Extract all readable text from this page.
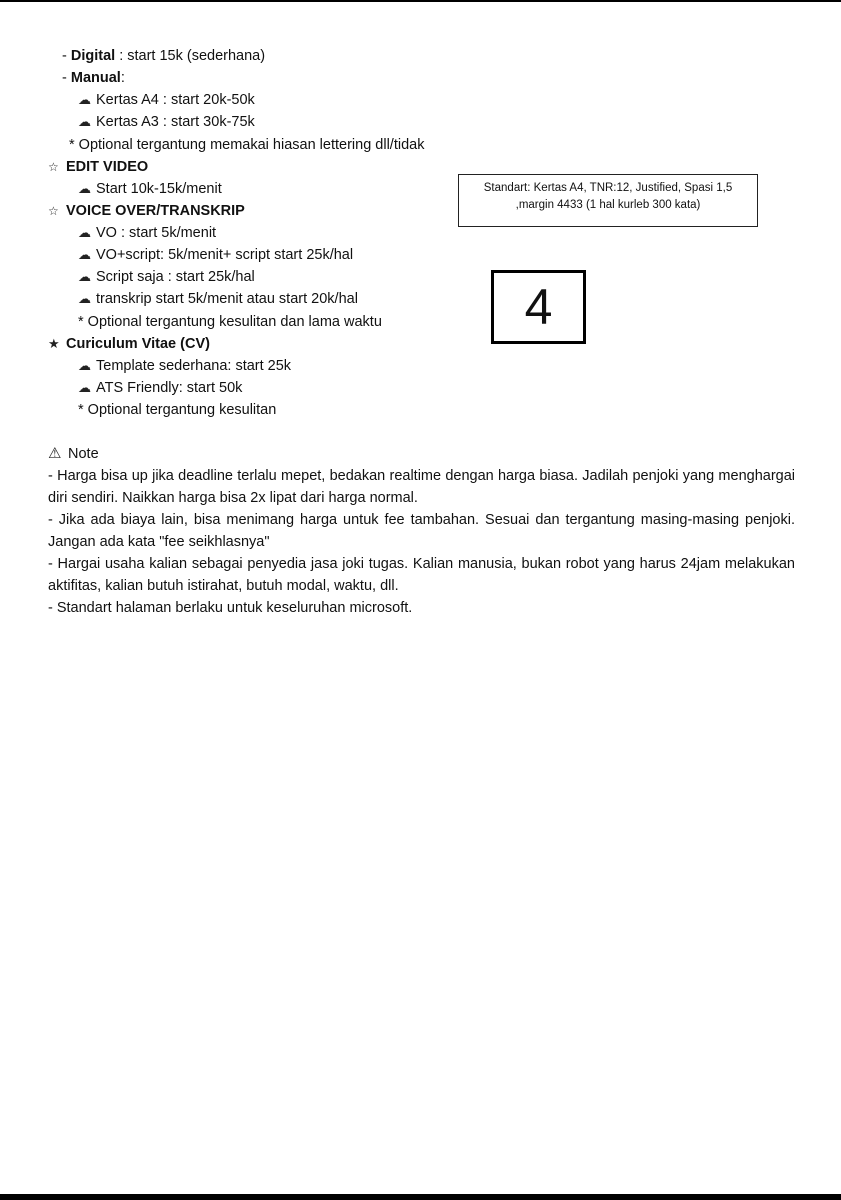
- Digital : start 15k (sederhana)
- Manual:
☁ Kertas A4 : start 20k-50k
☁ Kertas A3 : start 30k-75k
* Optional tergantung memakai hiasan lettering dll/tidak
☆ EDIT VIDEO
☁ Start 10k-15k/menit
☆ VOICE OVER/TRANSKRIP
☁ VO : start 5k/menit
☁ VO+script: 5k/menit+ script start 25k/hal
☁ Script saja : start 25k/hal
☁ transkrip start 5k/menit atau start 20k/hal
* Optional tergantung kesulitan dan lama waktu
★ Curiculum Vitae (CV)
☁ Template sederhana: start 25k
☁ ATS Friendly: start 50k
* Optional tergantung kesulitan
Standart: Kertas A4, TNR:12, Justified, Spasi 1,5
,margin 4433 (1 hal kurleb 300 kata)
4
⚠ Note
- Harga bisa up jika deadline terlalu mepet, bedakan realtime dengan harga biasa. Jadilah penjoki yang menghargai diri sendiri. Naikkan harga bisa 2x lipat dari harga normal.
- Jika ada biaya lain, bisa menimang harga untuk fee tambahan. Sesuai dan tergantung masing-masing penjoki. Jangan ada kata "fee seikhlasnya"
- Hargai usaha kalian sebagai penyedia jasa joki tugas. Kalian manusia, bukan robot yang harus 24jam melakukan aktifitas, kalian butuh istirahat, butuh modal, waktu, dll.
- Standart halaman berlaku untuk keseluruhan microsoft.
